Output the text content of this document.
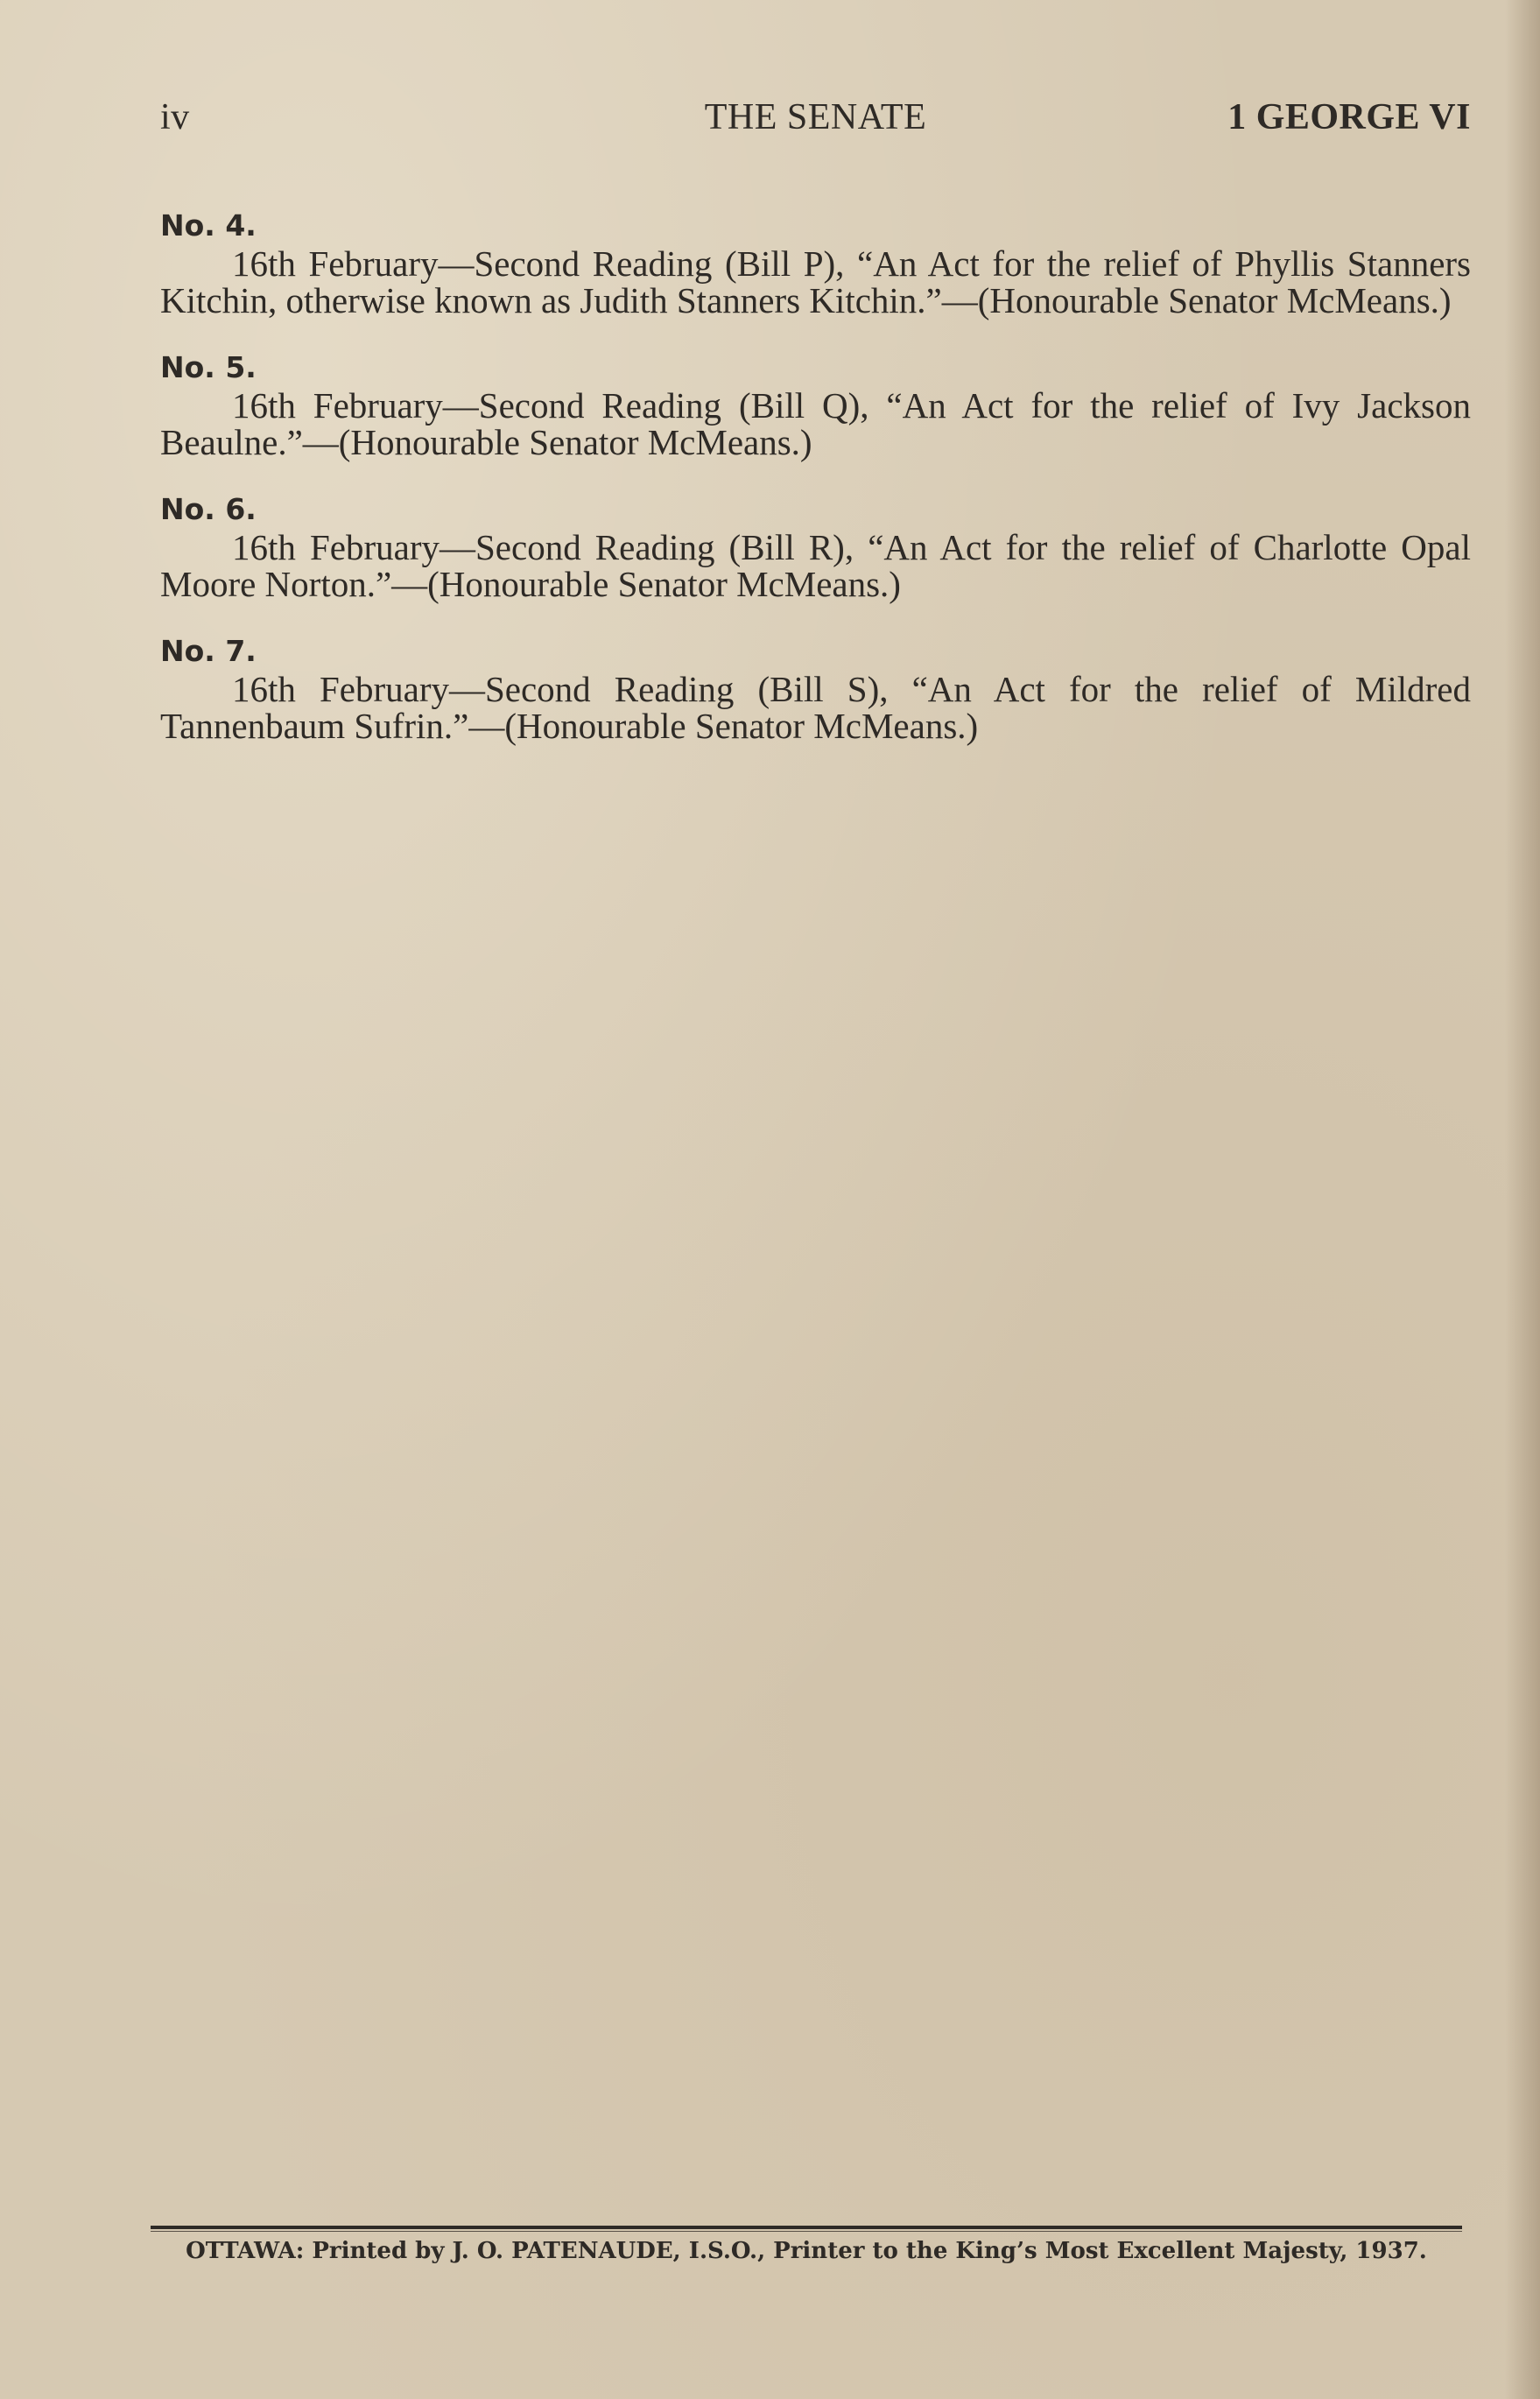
iv	THE SENATE	1 GEORGE VI
No. 4.

16th February—Second Reading (Bill P), “An Act for the relief of Phyllis Stanners Kitchin, otherwise known as Judith Stanners Kitchin.”—(Honourable Senator McMeans.)

No. 5.

16th February—Second Reading (Bill Q), “An Act for the relief of Ivy Jackson Beaulne.”—(Honourable Senator McMeans.)

No. 6.

16th February—Second Reading (Bill R), “An Act for the relief of Charlotte Opal Moore Norton.”—(Honourable Senator McMeans.)

No. 7.

16th February—Second Reading (Bill S), “An Act for the relief of Mildred Tannenbaum Sufrin.”—(Honourable Senator McMeans.)

OTTAWA: Printed by J. O. PATENAUDE, I.S.O., Printer to the King’s Most Excellent Majesty, 1937.
